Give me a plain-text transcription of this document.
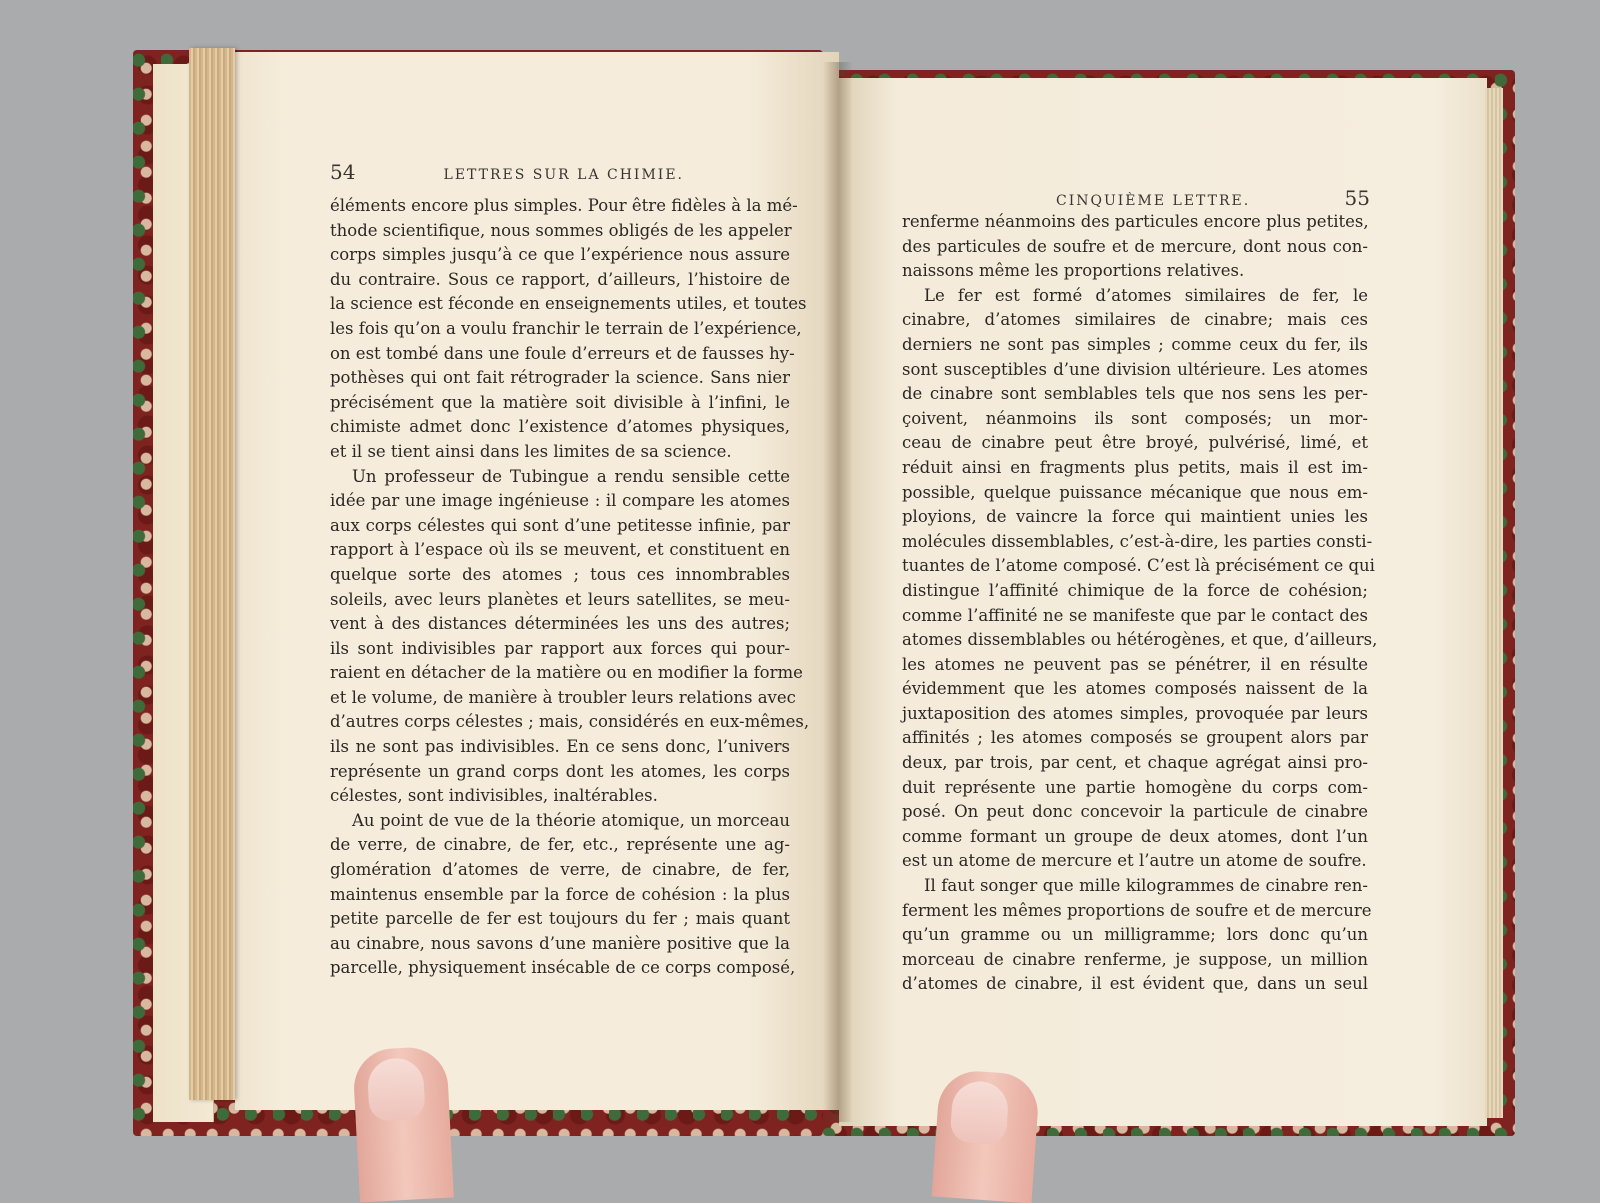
54	LETTRES SUR LA CHIMIE.
CINQUIÈME LETTRE.	55
éléments encore plus simples. Pour être fidèles à la mé-
thode scientifique, nous sommes obligés de les appeler
corps simples jusqu’à ce que l’expérience nous assure
du contraire. Sous ce rapport, d’ailleurs, l’histoire de
la science est féconde en enseignements utiles, et toutes
les fois qu’on a voulu franchir le terrain de l’expérience,
on est tombé dans une foule d’erreurs et de fausses hy-
pothèses qui ont fait rétrograder la science. Sans nier
précisément que la matière soit divisible à l’infini, le
chimiste admet donc l’existence d’atomes physiques,
et il se tient ainsi dans les limites de sa science.
Un professeur de Tubingue a rendu sensible cette
idée par une image ingénieuse : il compare les atomes
aux corps célestes qui sont d’une petitesse infinie, par
rapport à l’espace où ils se meuvent, et constituent en
quelque sorte des atomes ; tous ces innombrables
soleils, avec leurs planètes et leurs satellites, se meu-
vent à des distances déterminées les uns des autres;
ils sont indivisibles par rapport aux forces qui pour-
raient en détacher de la matière ou en modifier la forme
et le volume, de manière à troubler leurs relations avec
d’autres corps célestes ; mais, considérés en eux-mêmes,
ils ne sont pas indivisibles. En ce sens donc, l’univers
représente un grand corps dont les atomes, les corps
célestes, sont indivisibles, inaltérables.
Au point de vue de la théorie atomique, un morceau
de verre, de cinabre, de fer, etc., représente une ag-
glomération d’atomes de verre, de cinabre, de fer,
maintenus ensemble par la force de cohésion : la plus
petite parcelle de fer est toujours du fer ; mais quant
au cinabre, nous savons d’une manière positive que la
parcelle, physiquement insécable de ce corps composé,
renferme néanmoins des particules encore plus petites,
des particules de soufre et de mercure, dont nous con-
naissons même les proportions relatives.
Le fer est formé d’atomes similaires de fer, le
cinabre, d’atomes similaires de cinabre; mais ces
derniers ne sont pas simples ; comme ceux du fer, ils
sont susceptibles d’une division ultérieure. Les atomes
de cinabre sont semblables tels que nos sens les per-
çoivent, néanmoins ils sont composés; un mor-
ceau de cinabre peut être broyé, pulvérisé, limé, et
réduit ainsi en fragments plus petits, mais il est im-
possible, quelque puissance mécanique que nous em-
ployions, de vaincre la force qui maintient unies les
molécules dissemblables, c’est-à-dire, les parties consti-
tuantes de l’atome composé. C’est là précisément ce qui
distingue l’affinité chimique de la force de cohésion;
comme l’affinité ne se manifeste que par le contact des
atomes dissemblables ou hétérogènes, et que, d’ailleurs,
les atomes ne peuvent pas se pénétrer, il en résulte
évidemment que les atomes composés naissent de la
juxtaposition des atomes simples, provoquée par leurs
affinités ; les atomes composés se groupent alors par
deux, par trois, par cent, et chaque agrégat ainsi pro-
duit représente une partie homogène du corps com-
posé. On peut donc concevoir la particule de cinabre
comme formant un groupe de deux atomes, dont l’un
est un atome de mercure et l’autre un atome de soufre.
Il faut songer que mille kilogrammes de cinabre ren-
ferment les mêmes proportions de soufre et de mercure
qu’un gramme ou un milligramme; lors donc qu’un
morceau de cinabre renferme, je suppose, un million
d’atomes de cinabre, il est évident que, dans un seul
